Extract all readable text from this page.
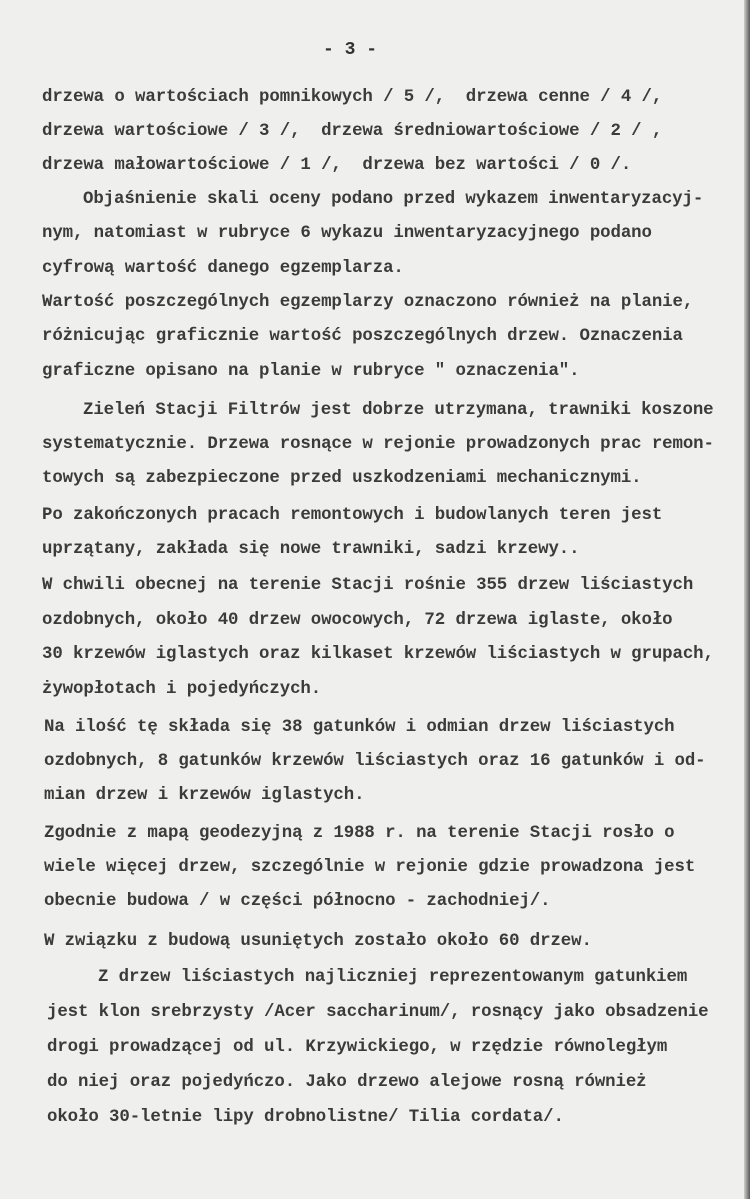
- 3 -
drzewa o wartościach pomnikowych / 5 /,  drzewa cenne / 4 /,
drzewa wartościowe / 3 /,  drzewa średniowartościowe / 2 / ,
drzewa małowartościowe / 1 /,  drzewa bez wartości / 0 /.
Objaśnienie skali oceny podano przed wykazem inwentaryzacyj-
nym, natomiast w rubryce 6 wykazu inwentaryzacyjnego podano
cyfrową wartość danego egzemplarza.
Wartość poszczególnych egzemplarzy oznaczono również na planie,
różnicując graficznie wartość poszczególnych drzew. Oznaczenia
graficzne opisano na planie w rubryce " oznaczenia".
Zieleń Stacji Filtrów jest dobrze utrzymana, trawniki koszone
systematycznie. Drzewa rosnące w rejonie prowadzonych prac remon-
towych są zabezpieczone przed uszkodzeniami mechanicznymi.
Po zakończonych pracach remontowych i budowlanych teren jest
uprzątany, zakłada się nowe trawniki, sadzi krzewy..
W chwili obecnej na terenie Stacji rośnie 355 drzew liściastych
ozdobnych, około 40 drzew owocowych, 72 drzewa iglaste, około
30 krzewów iglastych oraz kilkaset krzewów liściastych w grupach,
żywopłotach i pojedyńczych.
Na ilość tę składa się 38 gatunków i odmian drzew liściastych
ozdobnych, 8 gatunków krzewów liściastych oraz 16 gatunków i od-
mian drzew i krzewów iglastych.
Zgodnie z mapą geodezyjną z 1988 r. na terenie Stacji rosło o
wiele więcej drzew, szczególnie w rejonie gdzie prowadzona jest
obecnie budowa / w części północno - zachodniej/.
W związku z budową usuniętych zostało około 60 drzew.
Z drzew liściastych najliczniej reprezentowanym gatunkiem
jest klon srebrzysty /Acer saccharinum/, rosnący jako obsadzenie
drogi prowadzącej od ul. Krzywickiego, w rzędzie równoległym
do niej oraz pojedyńczo. Jako drzewo alejowe rosną również
około 30-letnie lipy drobnolistne/ Tilia cordata/.
